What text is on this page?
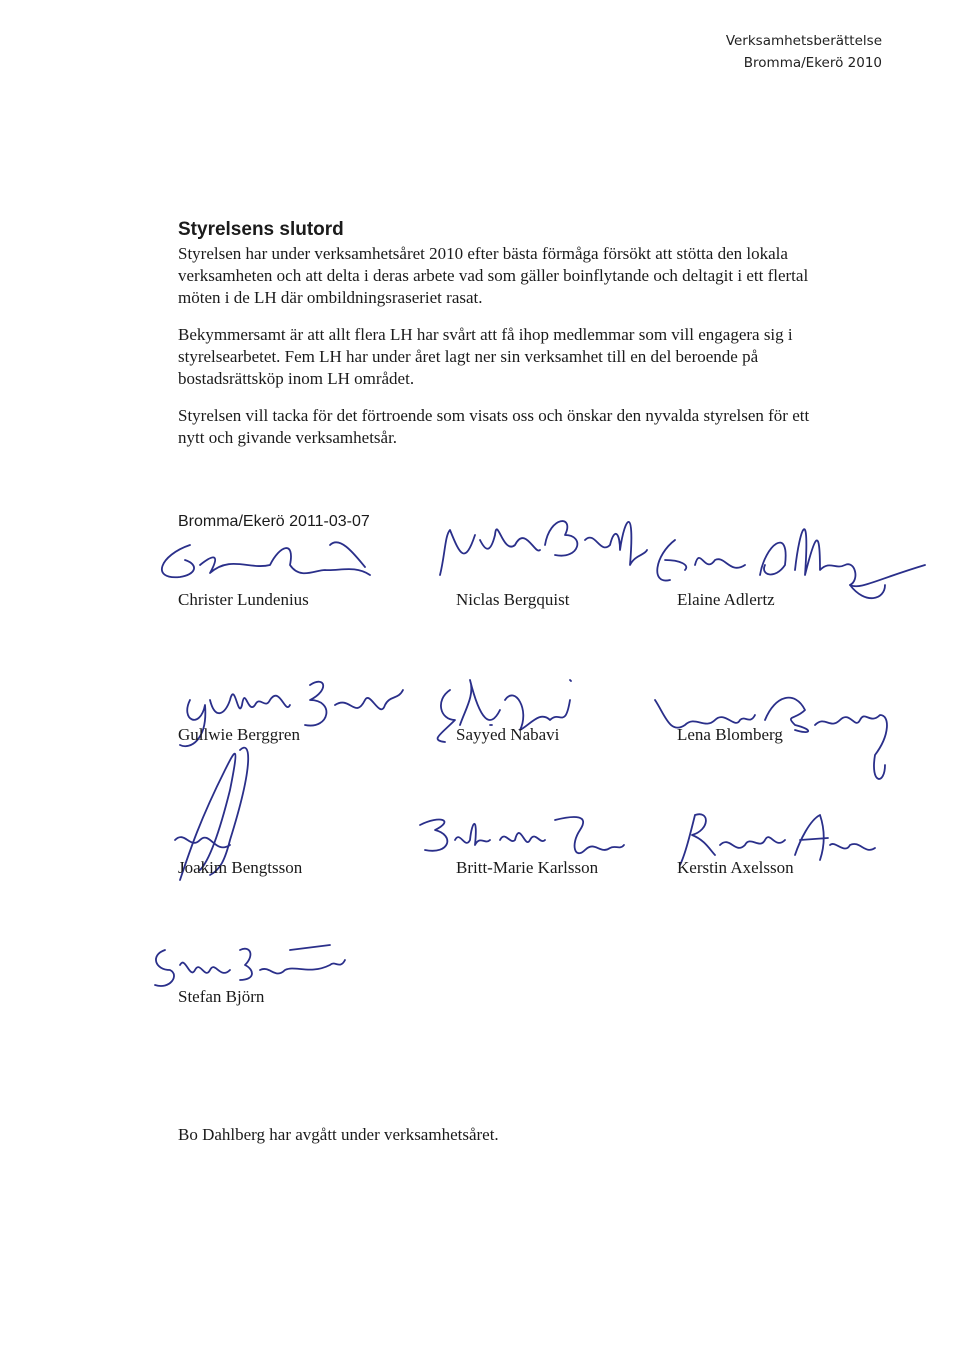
Verksamhetsberättelse
Bromma/Ekerö 2010
Styrelsens slutord

Styrelsen har under verksamhetsåret 2010 efter bästa förmåga försökt att stötta den lokala verksamheten och att delta i deras arbete vad som gäller boinflytande och deltagit i ett flertal möten i de LH där ombildningsraseriet rasat.

Bekymmersamt är att allt flera LH har svårt att få ihop medlemmar som vill engagera sig i styrelsearbetet. Fem LH har under året lagt ner sin verksamhet till en del beroende på bostadsrättsköp inom LH området.

Styrelsen vill tacka för det förtroende som visats oss och önskar den nyvalda styrelsen för ett nytt och givande verksamhetsår.

Bromma/Ekerö 2011-03-07
Christer Lundenius	Niclas Bergquist	Elaine Adlertz
Gullwie Berggren	Sayyed Nabavi	Lena Blomberg
Joakim Bengtsson	Britt-Marie Karlsson	Kerstin Axelsson
Stefan Björn
Bo Dahlberg har avgått under verksamhetsåret.
